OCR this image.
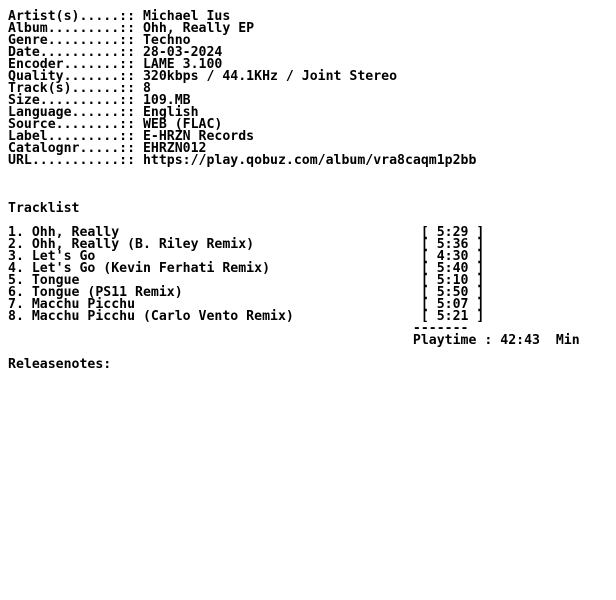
Artist(s).....:: Michael Ius
Album.........:: Ohh, Really EP
Genre.........:: Techno
Date..........:: 28-03-2024
Encoder.......:: LAME 3.100
Quality.......:: 320kbps / 44.1KHz / Joint Stereo
Track(s)......:: 8
Size..........:: 109.MB
Language......:: English
Source........:: WEB (FLAC)
Label.........:: E-HRZN Records
Catalognr.....:: EHRZN012
URL...........:: https://play.qobuz.com/album/vra8caqm1p2bb
Tracklist
1. Ohh, Really                                      [ 5:29 ]
2. Ohh, Really (B. Riley Remix)                     [ 5:36 ]
3. Let's Go                                         [ 4:30 ]
4. Let's Go (Kevin Ferhati Remix)                   [ 5:40 ]
5. Tongue                                           [ 5:10 ]
6. Tongue (PS11 Remix)                              [ 5:50 ]
7. Macchu Picchu                                    [ 5:07 ]
8. Macchu Picchu (Carlo Vento Remix)                [ 5:21 ]
-------
Playtime : 42:43  Min
Releasenotes:
